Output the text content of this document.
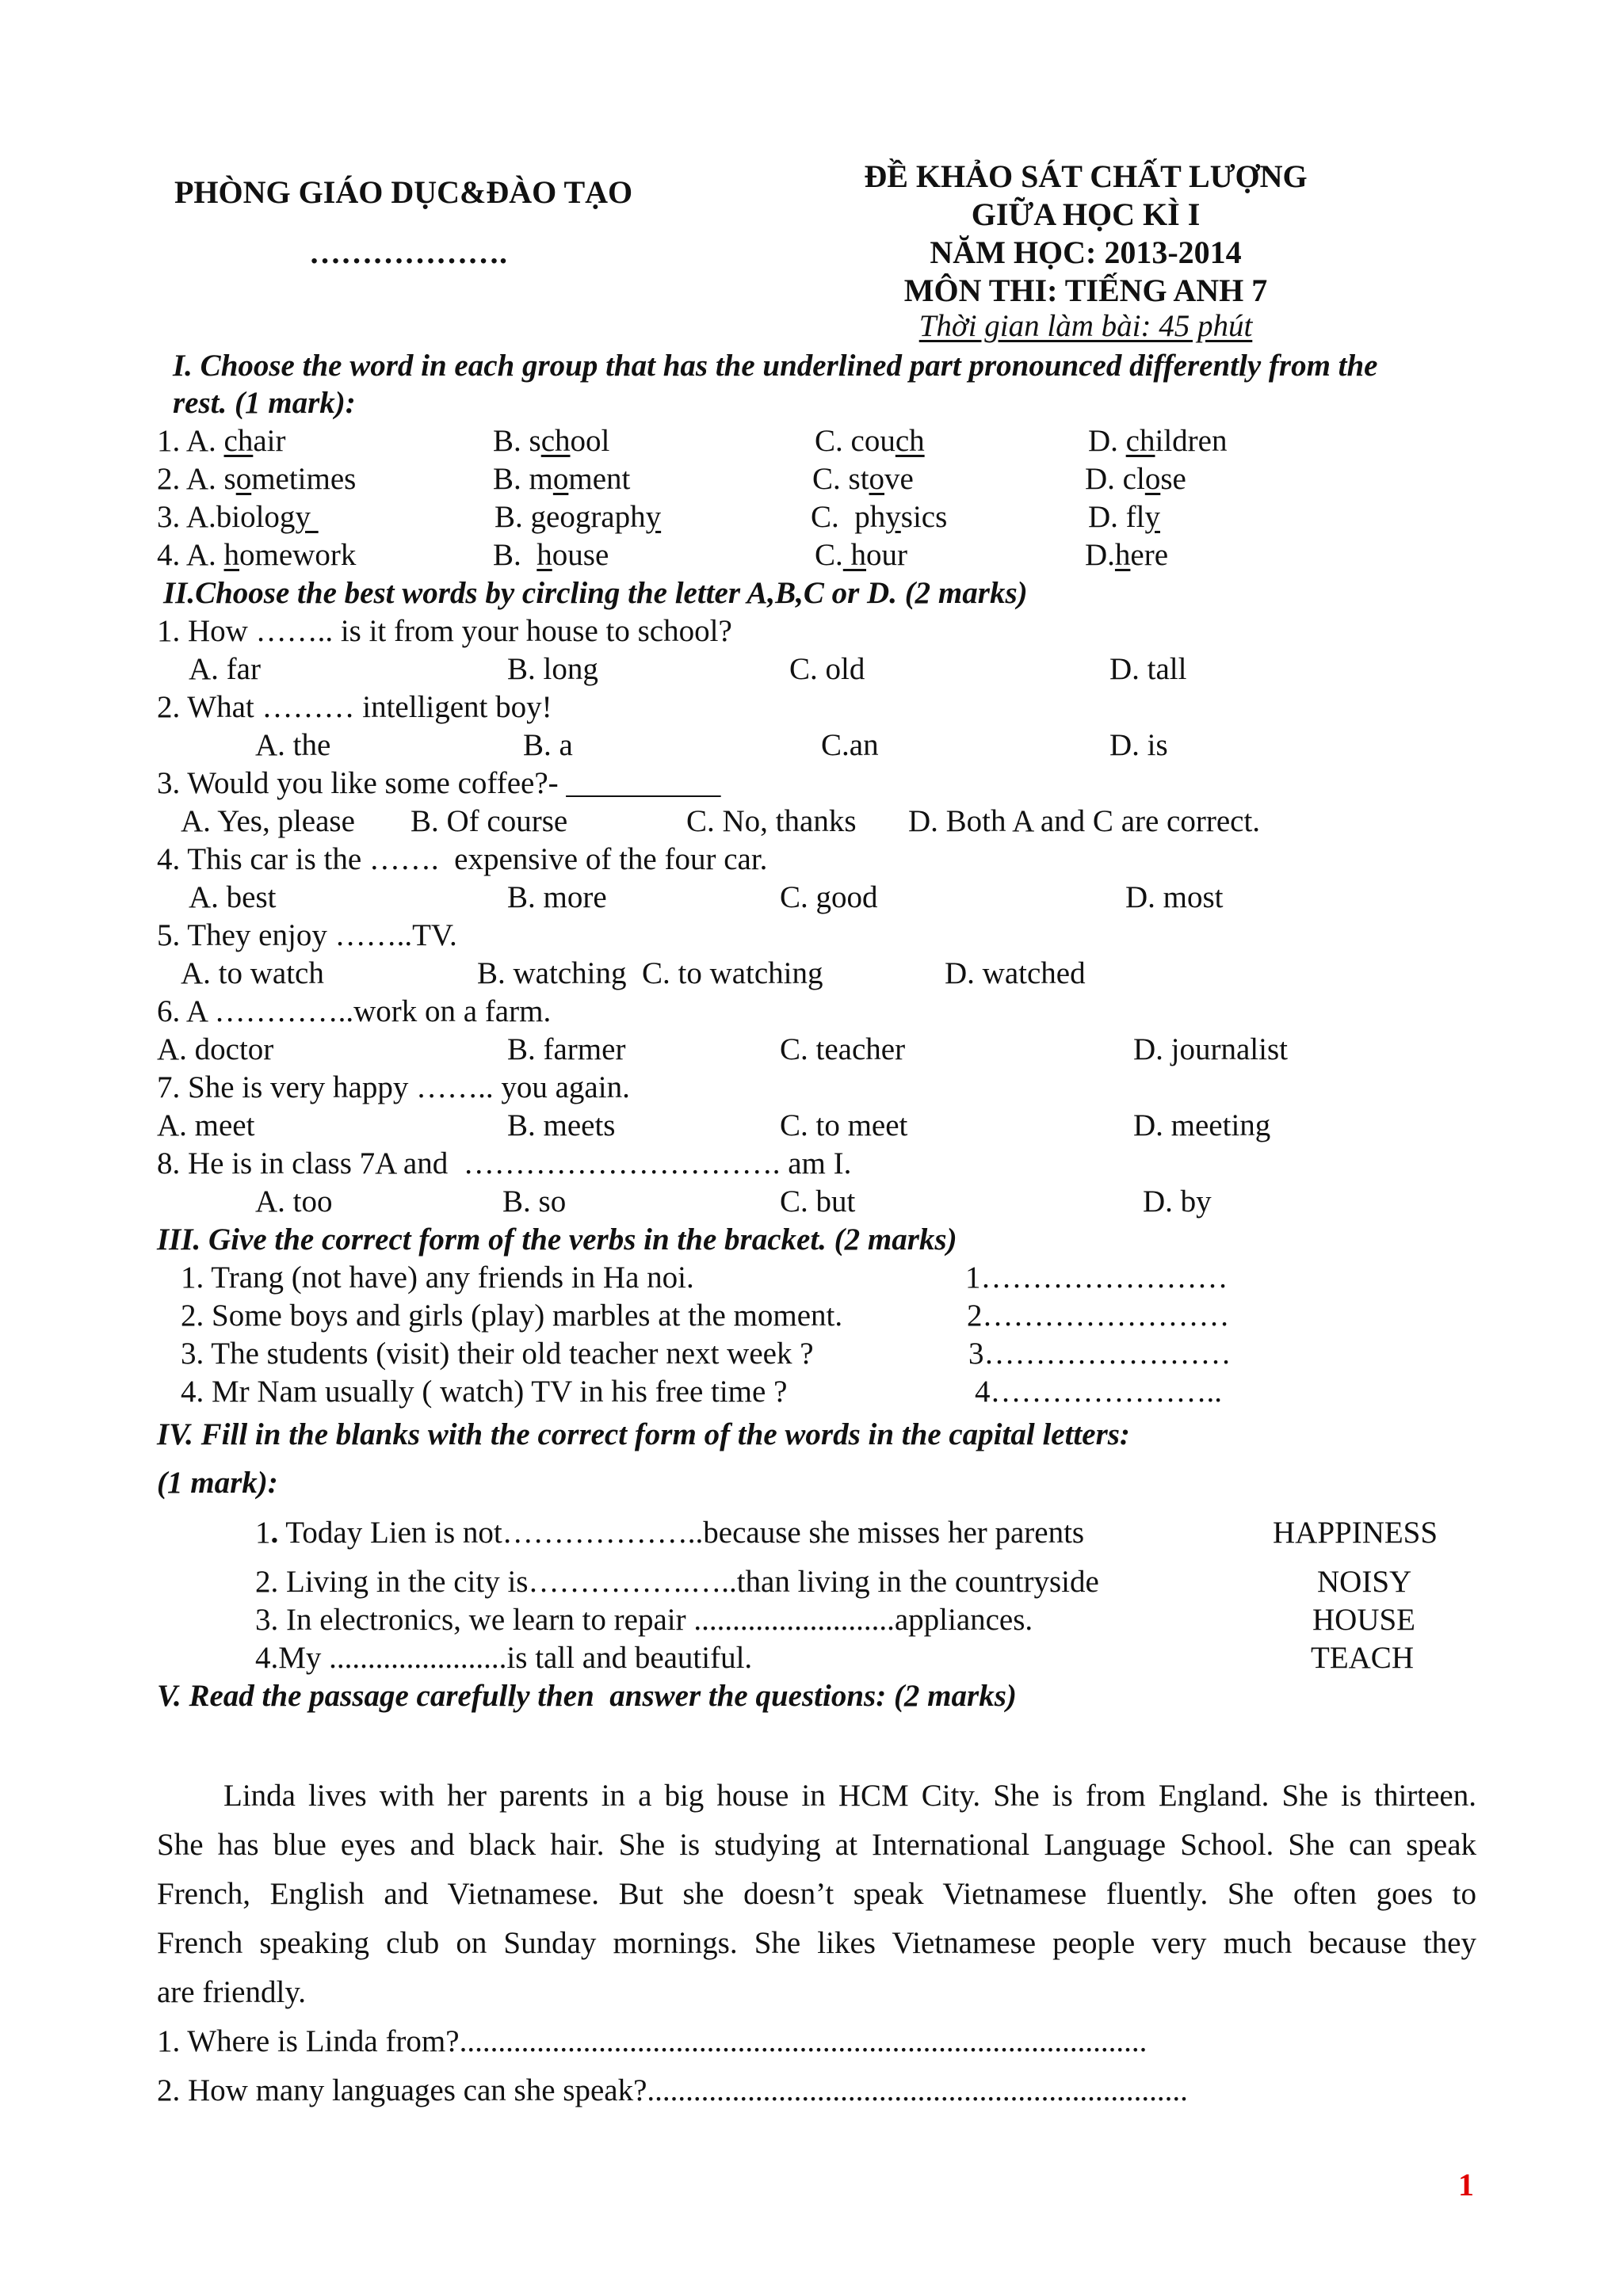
PHÒNG GIÁO DỤC&ĐÀO TẠO
……………….
ĐỀ KHẢO SÁT CHẤT LƯỢNG
GIỮA HỌC KÌ I
NĂM HỌC: 2013-2014
MÔN THI: TIẾNG ANH 7
Thời gian làm bài: 45 phút
I. Choose the word in each group that has the underlined part pronounced differently from the
rest. (1 mark):
1. A. chair	B. school	C. couch	D. children
2. A. sometimes	B. moment	C. stove	D. close
3. A.biology	B. geography	C.  physics	D. fly
4. A. homework	B.  house	C. hour	D.here
II.Choose the best words by circling the letter A,B,C or D. (2 marks)
1. How …….. is it from your house to school?
A. far	B. long	C. old	D. tall
2. What ……… intelligent boy!
A. the	B. a	C.an	D. is
3. Would you like some coffee?- __________
A. Yes, please B. Of course	C. No, thanks D. Both A and C are correct.
4. This car is the …….  expensive of the four car.
A. best	B. more	C. good	D. most
5. They enjoy ……..TV.
A. to watch	B. watching  C. to watching	D. watched
6. A …………..work on a farm.
A. doctor	B. farmer	C. teacher	D. journalist
7. She is very happy …….. you again.
A. meet	B. meets	C. to meet	D. meeting
8. He is in class 7A and  …………………………. am I.
A. too	B. so	C. but	D. by
III. Give the correct form of the verbs in the bracket. (2 marks)
1. Trang (not have) any friends in Ha noi.	1……………………
2. Some boys and girls (play) marbles at the moment.	2……………………
3. The students (visit) their old teacher next week ?	3……………………
4. Mr Nam usually ( watch) TV in his free time ?	4…………………..
IV. Fill in the blanks with the correct form of the words in the capital letters:
(1 mark):
1. Today Lien is not………………..because she misses her parents	HAPPINESS
2. Living in the city is…………….…..than living in the countryside	NOISY
3. In electronics, we learn to repair ..........................appliances.	HOUSE
4.My .......................is tall and beautiful.	TEACH
V. Read the passage carefully then  answer the questions: (2 marks)
Linda lives with her parents in a big house in HCM City. She is from England. She is thirteen.
She has blue eyes and black hair. She is studying at International Language School. She can speak
French, English and Vietnamese. But she doesn’t speak Vietnamese fluently. She often goes to
French speaking club on Sunday mornings. She likes Vietnamese people very much because they
are friendly.
1. Where is Linda from?.........................................................................................
2. How many languages can she speak?......................................................................
1
